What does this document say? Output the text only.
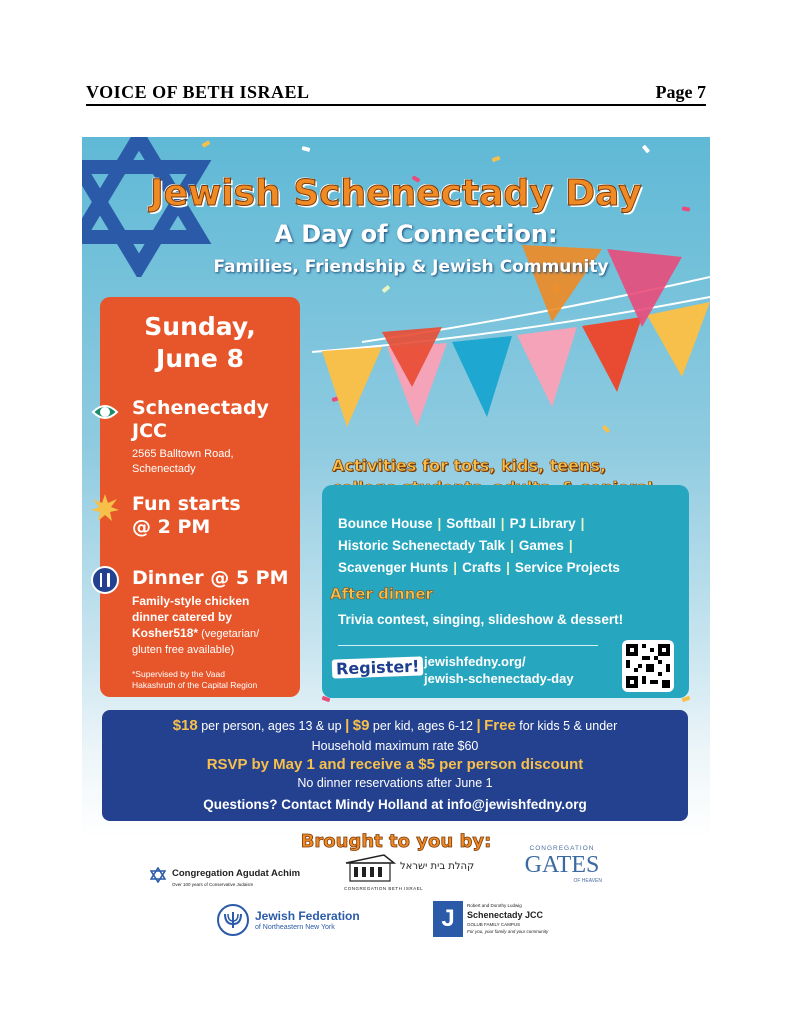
VOICE OF BETH ISRAEL	Page 7
Jewish Schenectady Day
A Day of Connection:
Families, Friendship & Jewish Community
Sunday,
June 8
Schenectady
JCC
2565 Balltown Road,
Schenectady
Fun starts
@ 2 PM
Dinner @ 5 PM
Family-style chicken
dinner catered by
Kosher518* (vegetarian/
gluten free available)
*Supervised by the Vaad
Hakashruth of the Capital Region
Activities for tots, kids, teens,
Bounce House | Softball | PJ Library |
Historic Schenectady Talk | Games |
Scavenger Hunts | Crafts | Service Projects
After dinner
Trivia contest, singing, slideshow & dessert!
Register! jewishfedny.org/
jewish-schenectady-day
$18 per person, ages 13 & up | $9 per kid, ages 6-12 | Free for kids 5 & under
Household maximum rate $60
RSVP by May 1 and receive a $5 per person discount
No dinner reservations after June 1
Questions? Contact Mindy Holland at info@jewishfedny.org
Brought to you by:
Congregation Agudat Achim
Over 100 years of Conservative Judaism
קהלת בית ישראל
CONGREGATION BETH ISRAEL
CONGREGATION
GATES
OF HEAVEN
Jewish Federation
of Northeastern New York	J	Robert and Dorothy Ludwig
Schenectady JCC
GOLUB FAMILY CAMPUS
For you, your family and your community
